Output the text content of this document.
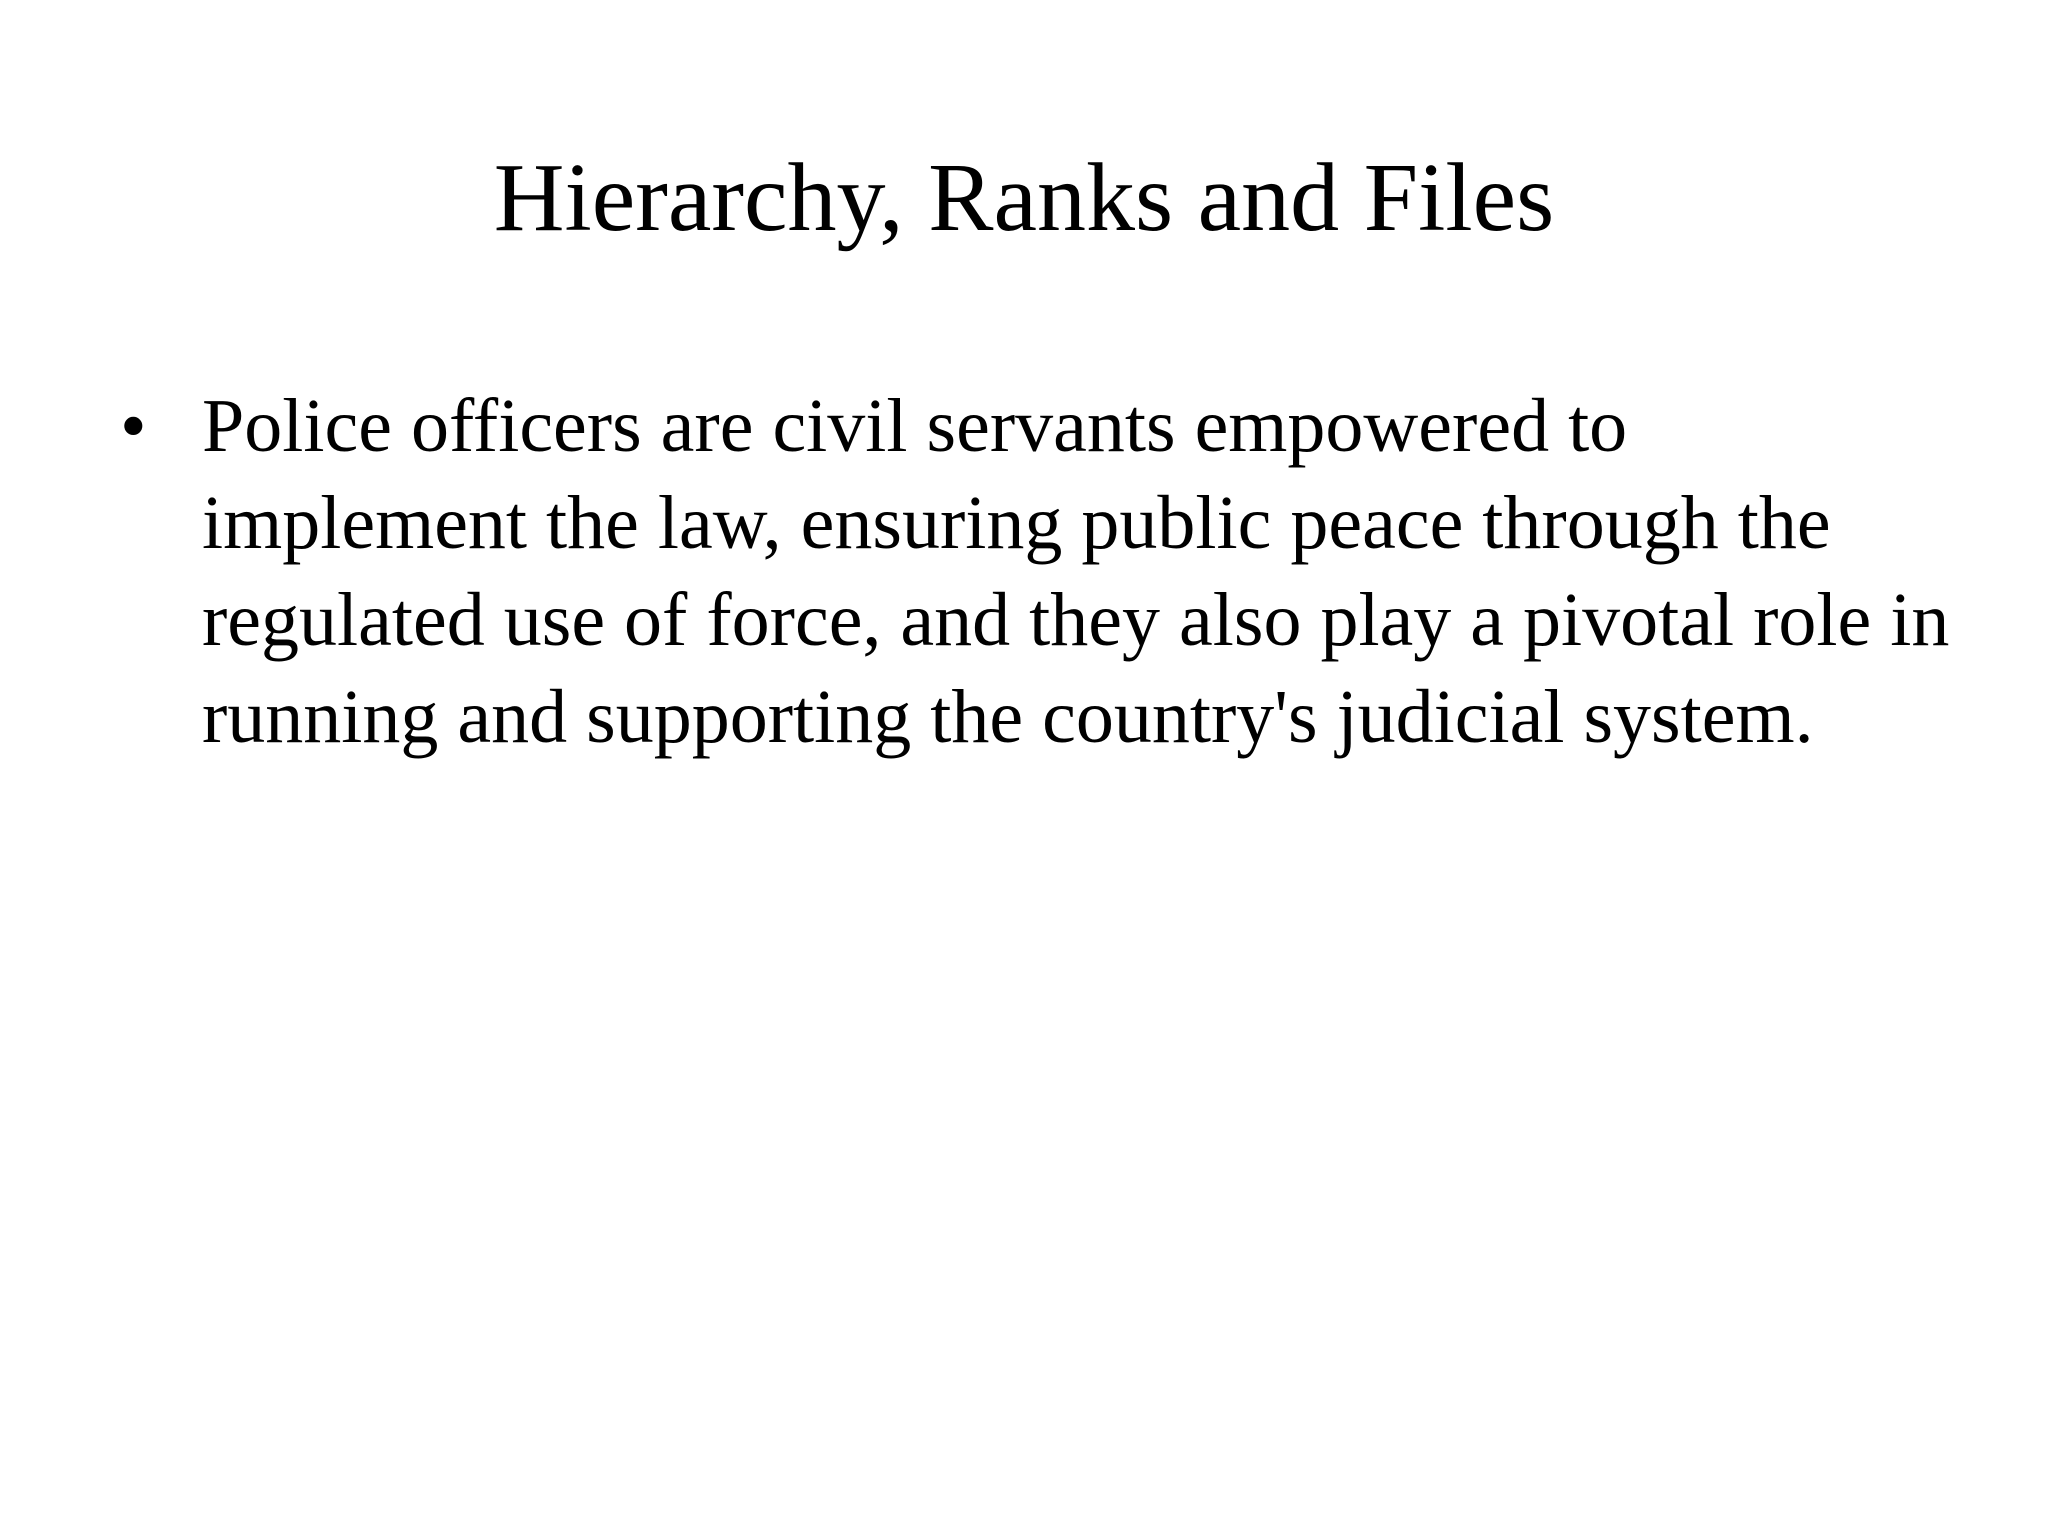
Hierarchy, Ranks and Files
• Police officers are civil servants empowered to implement the law, ensuring public peace through the regulated use of force, and they also play a pivotal role in running and supporting the country's judicial system.
